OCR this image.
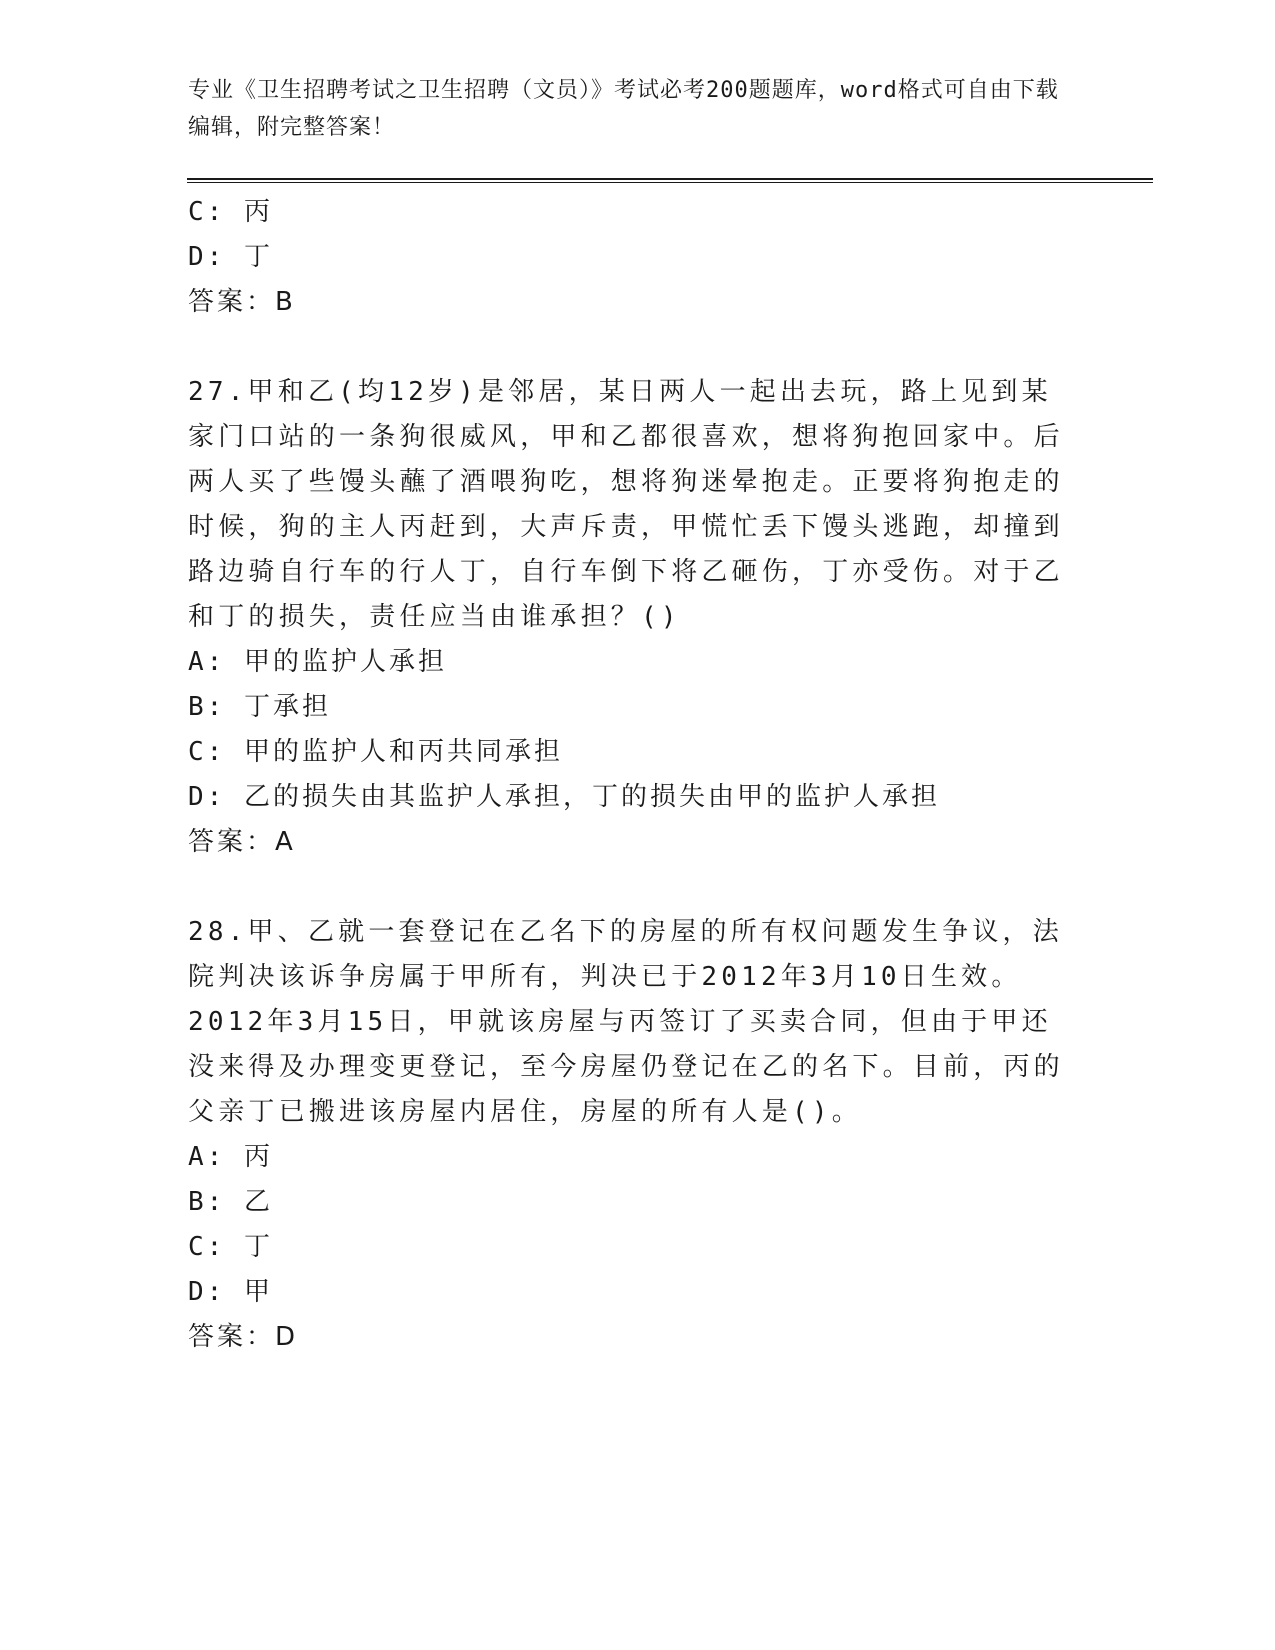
专业《卫生招聘考试之卫生招聘（文员）》考试必考200题题库，word格式可自由下载编辑，附完整答案！
C: 丙
D: 丁
答案：B
27.甲和乙(均12岁)是邻居，某日两人一起出去玩，路上见到某家门口站的一条狗很威风，甲和乙都很喜欢，想将狗抱回家中。后两人买了些馒头蘸了酒喂狗吃，想将狗迷晕抱走。正要将狗抱走的时候，狗的主人丙赶到，大声斥责，甲慌忙丢下馒头逃跑，却撞到路边骑自行车的行人丁，自行车倒下将乙砸伤，丁亦受伤。对于乙和丁的损失，责任应当由谁承担？()
A: 甲的监护人承担
B: 丁承担
C: 甲的监护人和丙共同承担
D: 乙的损失由其监护人承担，丁的损失由甲的监护人承担
答案：A
28.甲、乙就一套登记在乙名下的房屋的所有权问题发生争议，法院判决该诉争房属于甲所有，判决已于2012年3月10日生效。2012年3月15日，甲就该房屋与丙签订了买卖合同，但由于甲还没来得及办理变更登记，至今房屋仍登记在乙的名下。目前，丙的父亲丁已搬进该房屋内居住，房屋的所有人是()。
A: 丙
B: 乙
C: 丁
D: 甲
答案：D
